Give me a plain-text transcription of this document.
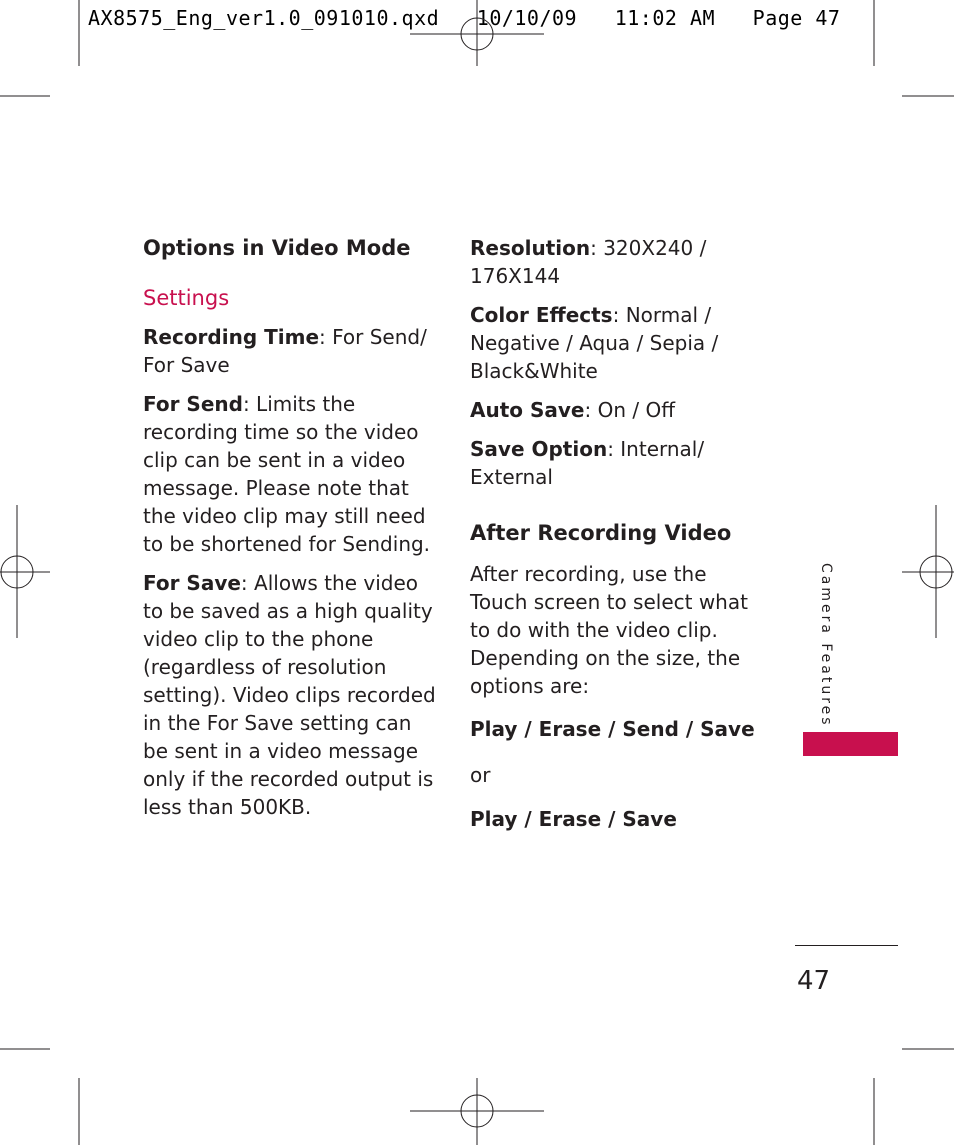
AX8575_Eng_ver1.0_091010.qxd   10/10/09   11:02 AM   Page 47

Options in Video Mode

Settings

Recording Time: For Send/ For Save

For Send: Limits the recording time so the video clip can be sent in a video message. Please note that the video clip may still need to be shortened for Sending.

For Save: Allows the video to be saved as a high quality video clip to the phone (regardless of resolution setting). Video clips recorded in the For Save setting can be sent in a video message only if the recorded output is less than 500KB.

Resolution: 320X240 / 176X144

Color Effects: Normal / Negative / Aqua / Sepia / Black&White

Auto Save: On / Off

Save Option: Internal/ External

After Recording Video

After recording, use the Touch screen to select what to do with the video clip. Depending on the size, the options are:

Play / Erase / Send / Save

or

Play / Erase / Save

Camera Features
47
